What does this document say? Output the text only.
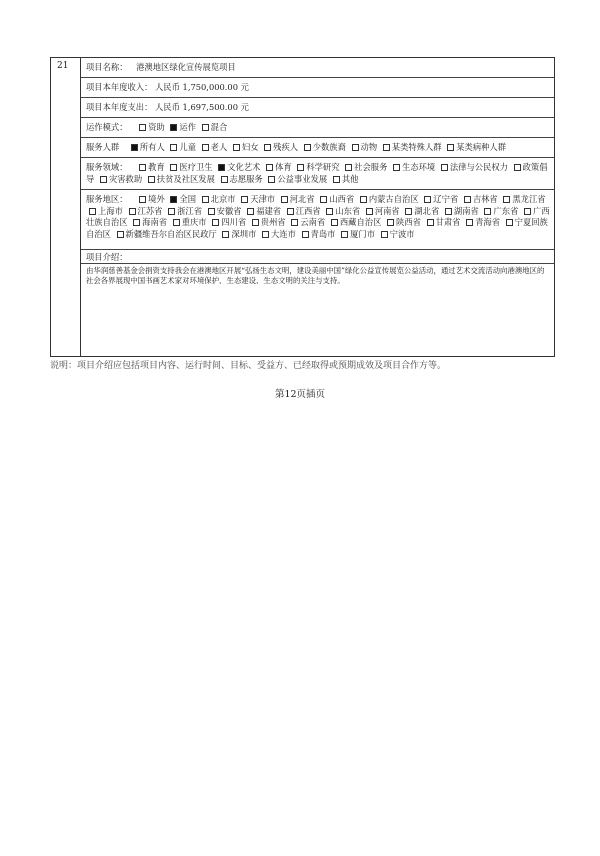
21	项目名称： 港澳地区绿化宣传展览项目
项目本年度收入： 人民币 1,750,000.00 元
项目本年度支出： 人民币 1,697,500.00 元
运作模式： 资助 运作 混合
服务人群 所有人 儿童 老人 妇女 残疾人 少数族裔 动物 某类特殊人群 某类病种人群
服务领域： 教育 医疗卫生 文化艺术 体育 科学研究 社会服务 生态环境 法律与公民权力 政策倡导 灾害救助 扶贫及社区发展 志愿服务 公益事业发展 其他
服务地区： 境外 全国 北京市 天津市 河北省 山西省 内蒙古自治区 辽宁省 吉林省 黑龙江省 上海市 江苏省 浙江省 安徽省 福建省 江西省 山东省 河南省 湖北省 湖南省 广东省 广西壮族自治区 海南省 重庆市 四川省 贵州省 云南省 西藏自治区 陕西省 甘肃省 青海省 宁夏回族自治区 新疆维吾尔自治区民政厅 深圳市 大连市 青岛市 厦门市 宁波市
项目介绍：
由华润慈善基金会捐资支持我会在港澳地区开展“弘扬生态文明，建设美丽中国”绿化公益宣传展览公益活动，通过艺术交流活动向港澳地区的社会各界展现中国书画艺术家对环境保护、生态建设、生态文明的关注与支持。
说明：项目介绍应包括项目内容、运行时间、目标、受益方、已经取得或预期成效及项目合作方等。
第12页插页
